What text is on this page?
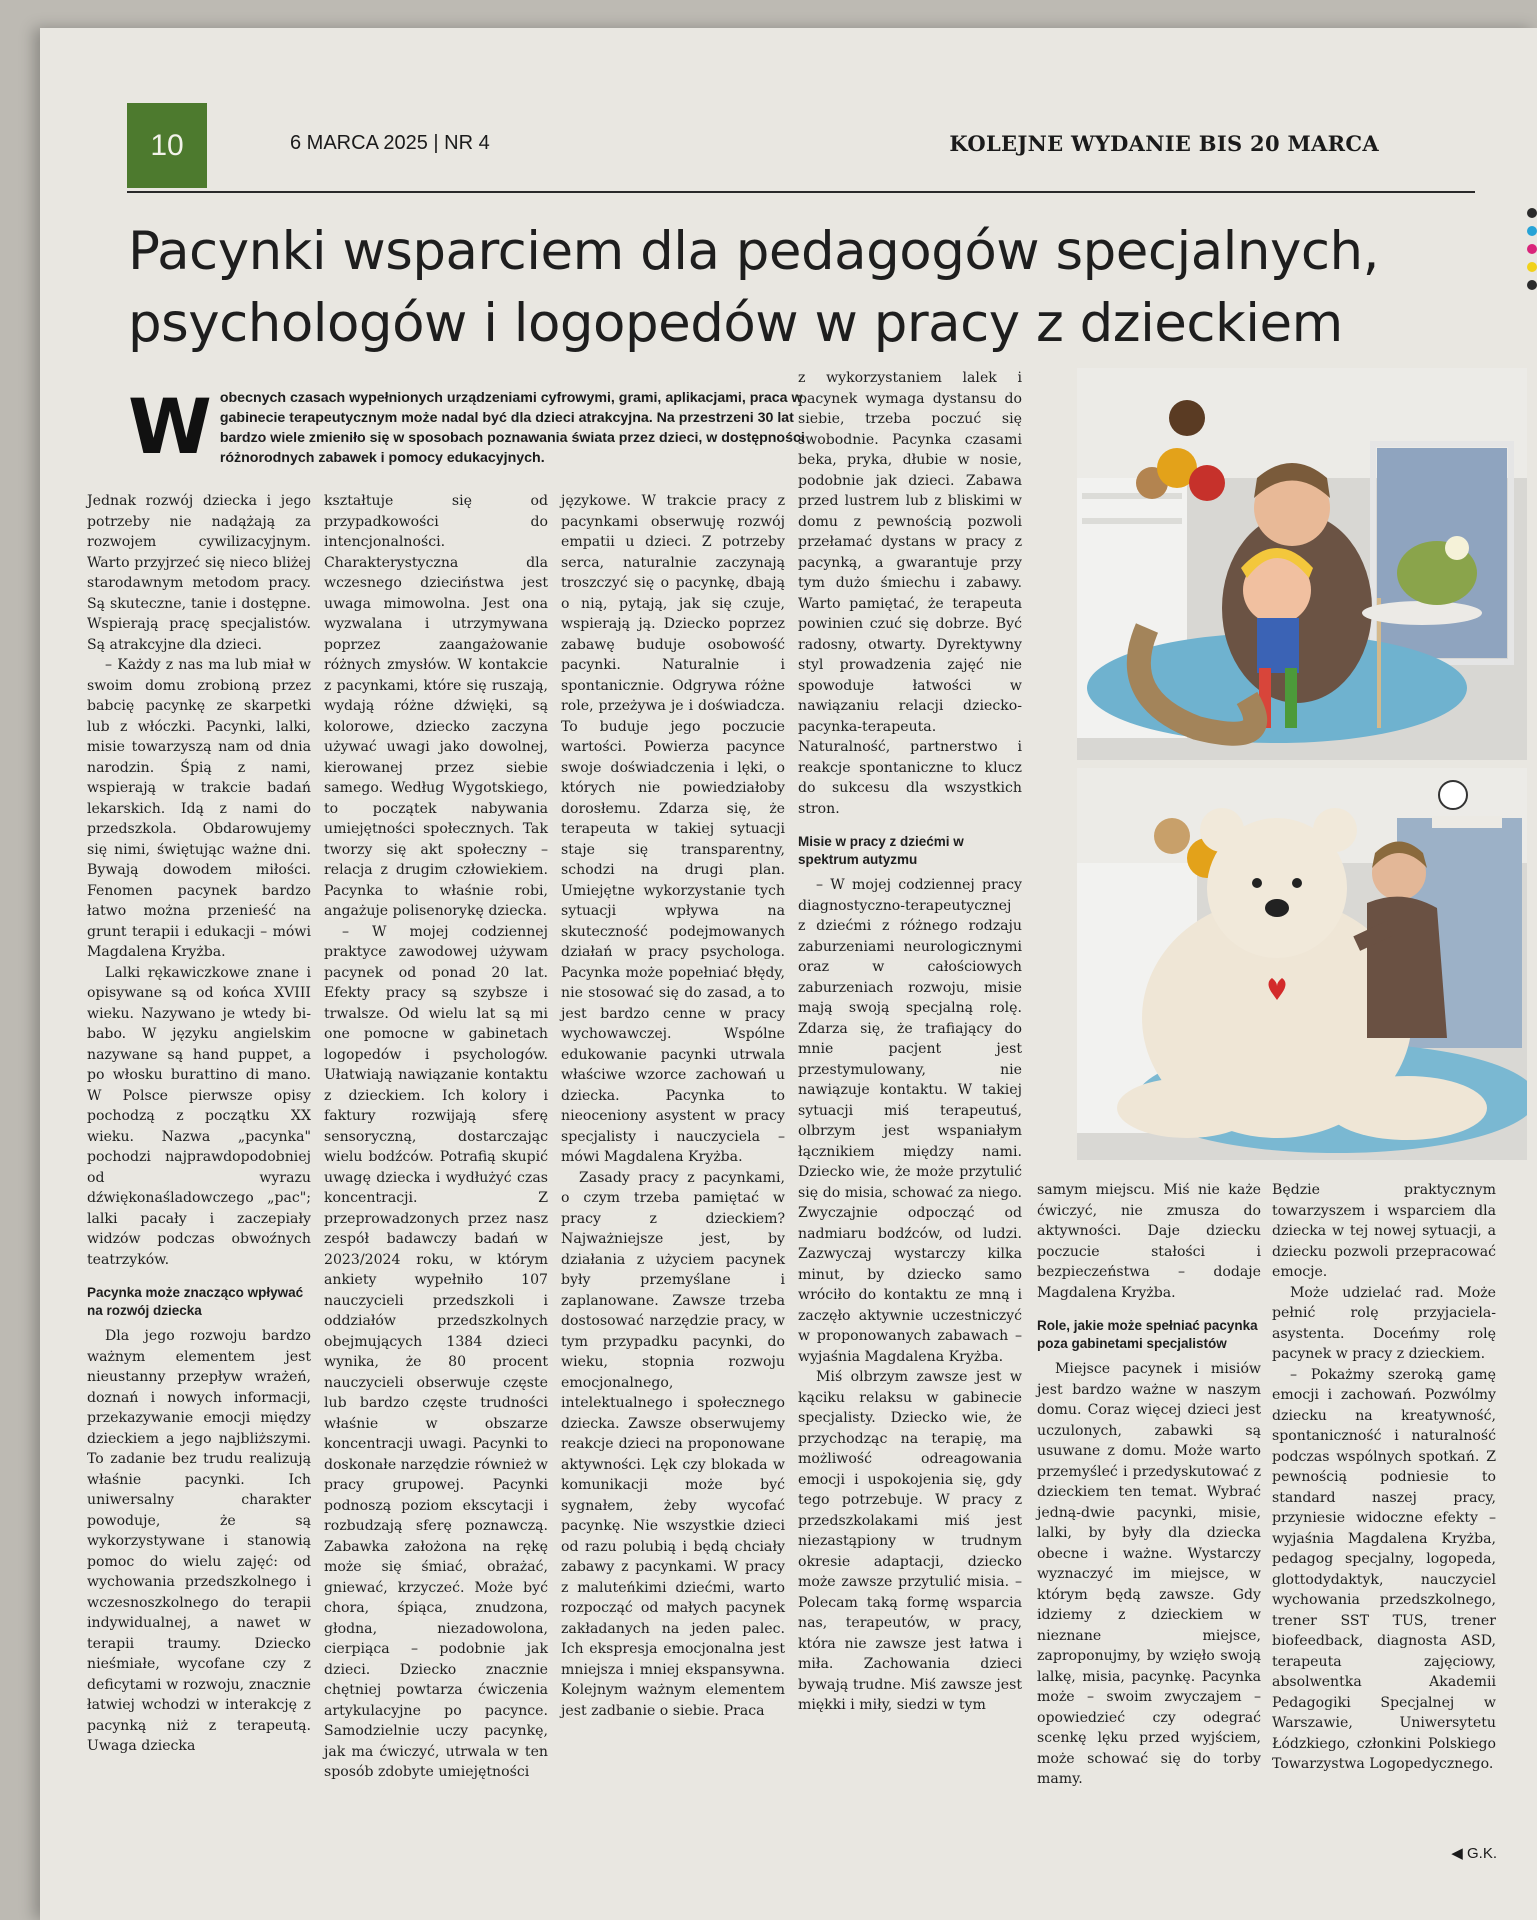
10	6 MARCA 2025 | NR 4	KOLEJNE WYDANIE BIS 20 MARCA
Pacynki wsparciem dla pedagogów specjalnych, psychologów i logopedów w pracy z dzieckiem
W obecnych czasach wypełnionych urządzeniami cyfrowymi, grami, aplikacjami, praca w gabinecie terapeutycznym może nadal być dla dzieci atrakcyjna. Na przestrzeni 30 lat bardzo wiele zmieniło się w sposobach poznawania świata przez dzieci, w dostępności różnorodnych zabawek i pomocy edukacyjnych.

Jednak rozwój dziecka i jego potrzeby nie nadążają za rozwojem cywilizacyjnym. Warto przyjrzeć się nieco bliżej starodawnym metodom pracy. Są skuteczne, tanie i dostępne. Wspierają pracę specjalistów. Są atrakcyjne dla dzieci.

– Każdy z nas ma lub miał w swoim domu zrobioną przez babcię pacynkę ze skarpetki lub z włóczki. Pacynki, lalki, misie towarzyszą nam od dnia narodzin. Śpią z nami, wspierają w trakcie badań lekarskich. Idą z nami do przedszkola. Obdarowujemy się nimi, świętując ważne dni. Bywają dowodem miłości. Fenomen pacynek bardzo łatwo można przenieść na grunt terapii i edukacji – mówi Magdalena Kryżba.

Lalki rękawiczkowe znane i opisywane są od końca XVIII wieku. Nazywano je wtedy bi-babo. W języku angielskim nazywane są hand puppet, a po włosku burattino di mano. W Polsce pierwsze opisy pochodzą z początku XX wieku. Nazwa „pacynka" pochodzi najprawdopodobniej od wyrazu dźwiękonaśladowczego „pac"; lalki pacały i zaczepiały widzów podczas obwoźnych teatrzyków.

Pacynka może znacząco wpływać na rozwój dziecka

Dla jego rozwoju bardzo ważnym elementem jest nieustanny przepływ wrażeń, doznań i nowych informacji, przekazywanie emocji między dzieckiem a jego najbliższymi. To zadanie bez trudu realizują właśnie pacynki. Ich uniwersalny charakter powoduje, że są wykorzystywane i stanowią pomoc do wielu zajęć: od wychowania przedszkolnego i wczesnoszkolnego do terapii indywidualnej, a nawet w terapii traumy. Dziecko nieśmiałe, wycofane czy z deficytami w rozwoju, znacznie łatwiej wchodzi w interakcję z pacynką niż z terapeutą. Uwaga dziecka

kształtuje się od przypadkowości do intencjonalności. Charakterystyczna dla wczesnego dzieciństwa jest uwaga mimowolna. Jest ona wyzwalana i utrzymywana poprzez zaangażowanie różnych zmysłów. W kontakcie z pacynkami, które się ruszają, wydają różne dźwięki, są kolorowe, dziecko zaczyna używać uwagi jako dowolnej, kierowanej przez siebie samego. Według Wygotskiego, to początek nabywania umiejętności społecznych. Tak tworzy się akt społeczny – relacja z drugim człowiekiem. Pacynka to właśnie robi, angażuje polisenorykę dziecka.

– W mojej codziennej praktyce zawodowej używam pacynek od ponad 20 lat. Efekty pracy są szybsze i trwalsze. Od wielu lat są mi one pomocne w gabinetach logopedów i psychologów. Ułatwiają nawiązanie kontaktu z dzieckiem. Ich kolory i faktury rozwijają sferę sensoryczną, dostarczając wielu bodźców. Potrafią skupić uwagę dziecka i wydłużyć czas koncentracji. Z przeprowadzonych przez nasz zespół badawczy badań w 2023/2024 roku, w którym ankiety wypełniło 107 nauczycieli przedszkoli i oddziałów przedszkolnych obejmujących 1384 dzieci wynika, że 80 procent nauczycieli obserwuje częste lub bardzo częste trudności właśnie w obszarze koncentracji uwagi. Pacynki to doskonałe narzędzie również w pracy grupowej. Pacynki podnoszą poziom ekscytacji i rozbudzają sferę poznawczą. Zabawka założona na rękę może się śmiać, obrażać, gniewać, krzyczeć. Może być chora, śpiąca, znudzona, głodna, niezadowolona, cierpiąca – podobnie jak dzieci. Dziecko znacznie chętniej powtarza ćwiczenia artykulacyjne po pacynce. Samodzielnie uczy pacynkę, jak ma ćwiczyć, utrwala w ten sposób zdobyte umiejętności

językowe. W trakcie pracy z pacynkami obserwuję rozwój empatii u dzieci. Z potrzeby serca, naturalnie zaczynają troszczyć się o pacynkę, dbają o nią, pytają, jak się czuje, wspierają ją. Dziecko poprzez zabawę buduje osobowość pacynki. Naturalnie i spontanicznie. Odgrywa różne role, przeżywa je i doświadcza. To buduje jego poczucie wartości. Powierza pacynce swoje doświadczenia i lęki, o których nie powiedziałoby dorosłemu. Zdarza się, że terapeuta w takiej sytuacji staje się transparentny, schodzi na drugi plan. Umiejętne wykorzystanie tych sytuacji wpływa na skuteczność podejmowanych działań w pracy psychologa. Pacynka może popełniać błędy, nie stosować się do zasad, a to jest bardzo cenne w pracy wychowawczej. Wspólne edukowanie pacynki utrwala właściwe wzorce zachowań u dziecka. Pacynka to nieoceniony asystent w pracy specjalisty i nauczyciela – mówi Magdalena Kryżba.

Zasady pracy z pacynkami, o czym trzeba pamiętać w pracy z dzieckiem? Najważniejsze jest, by działania z użyciem pacynek były przemyślane i zaplanowane. Zawsze trzeba dostosować narzędzie pracy, w tym przypadku pacynki, do wieku, stopnia rozwoju emocjonalnego, intelektualnego i społecznego dziecka. Zawsze obserwujemy reakcje dzieci na proponowane aktywności. Lęk czy blokada w komunikacji może być sygnałem, żeby wycofać pacynkę. Nie wszystkie dzieci od razu polubią i będą chciały zabawy z pacynkami. W pracy z maluteńkimi dziećmi, warto rozpocząć od małych pacynek zakładanych na jeden palec. Ich ekspresja emocjonalna jest mniejsza i mniej ekspansywna. Kolejnym ważnym elementem jest zadbanie o siebie. Praca

z wykorzystaniem lalek i pacynek wymaga dystansu do siebie, trzeba poczuć się swobodnie. Pacynka czasami beka, pryka, dłubie w nosie, podobnie jak dzieci. Zabawa przed lustrem lub z bliskimi w domu z pewnością pozwoli przełamać dystans w pracy z pacynką, a gwarantuje przy tym dużo śmiechu i zabawy. Warto pamiętać, że terapeuta powinien czuć się dobrze. Być radosny, otwarty. Dyrektywny styl prowadzenia zajęć nie spowoduje łatwości w nawiązaniu relacji dziecko-pacynka-terapeuta. Naturalność, partnerstwo i reakcje spontaniczne to klucz do sukcesu dla wszystkich stron.

Misie w pracy z dziećmi w spektrum autyzmu

– W mojej codziennej pracy diagnostyczno-terapeutycznej z dziećmi z różnego rodzaju zaburzeniami neurologicznymi oraz w całościowych zaburzeniach rozwoju, misie mają swoją specjalną rolę. Zdarza się, że trafiający do mnie pacjent jest przestymulowany, nie nawiązuje kontaktu. W takiej sytuacji miś terapeutuś, olbrzym jest wspaniałym łącznikiem między nami. Dziecko wie, że może przytulić się do misia, schować za niego. Zwyczajnie odpocząć od nadmiaru bodźców, od ludzi. Zazwyczaj wystarczy kilka minut, by dziecko samo wróciło do kontaktu ze mną i zaczęło aktywnie uczestniczyć w proponowanych zabawach – wyjaśnia Magdalena Kryżba.

Miś olbrzym zawsze jest w kąciku relaksu w gabinecie specjalisty. Dziecko wie, że przychodząc na terapię, ma możliwość odreagowania emocji i uspokojenia się, gdy tego potrzebuje. W pracy z przedszkolakami miś jest niezastąpiony w trudnym okresie adaptacji, dziecko może zawsze przytulić misia. – Polecam taką formę wsparcia nas, terapeutów, w pracy, która nie zawsze jest łatwa i miła. Zachowania dzieci bywają trudne. Miś zawsze jest miękki i miły, siedzi w tym

samym miejscu. Miś nie każe ćwiczyć, nie zmusza do aktywności. Daje dziecku poczucie stałości i bezpieczeństwa – dodaje Magdalena Kryżba.

Role, jakie może spełniać pacynka poza gabinetami specjalistów

Miejsce pacynek i misiów jest bardzo ważne w naszym domu. Coraz więcej dzieci jest uczulonych, zabawki są usuwane z domu. Może warto przemyśleć i przedyskutować z dzieckiem ten temat. Wybrać jedną-dwie pacynki, misie, lalki, by były dla dziecka obecne i ważne. Wystarczy wyznaczyć im miejsce, w którym będą zawsze. Gdy idziemy z dzieckiem w nieznane miejsce, zaproponujmy, by wzięło swoją lalkę, misia, pacynkę. Pacynka może – swoim zwyczajem – opowiedzieć czy odegrać scenkę lęku przed wyjściem, może schować się do torby mamy.

Będzie praktycznym towarzyszem i wsparciem dla dziecka w tej nowej sytuacji, a dziecku pozwoli przepracować emocje.

Może udzielać rad. Może pełnić rolę przyjaciela-asystenta. Doceńmy rolę pacynek w pracy z dzieckiem.

– Pokażmy szeroką gamę emocji i zachowań. Pozwólmy dziecku na kreatywność, spontaniczność i naturalność podczas wspólnych spotkań. Z pewnością podniesie to standard naszej pracy, przyniesie widoczne efekty – wyjaśnia Magdalena Kryżba, pedagog specjalny, logopeda, glottodydaktyk, nauczyciel wychowania przedszkolnego, trener SST TUS, trener biofeedback, diagnosta ASD, terapeuta zajęciowy, absolwentka Akademii Pedagogiki Specjalnej w Warszawie, Uniwersytetu Łódzkiego, członkini Polskiego Towarzystwa Logopedycznego.

◀ G.K.
